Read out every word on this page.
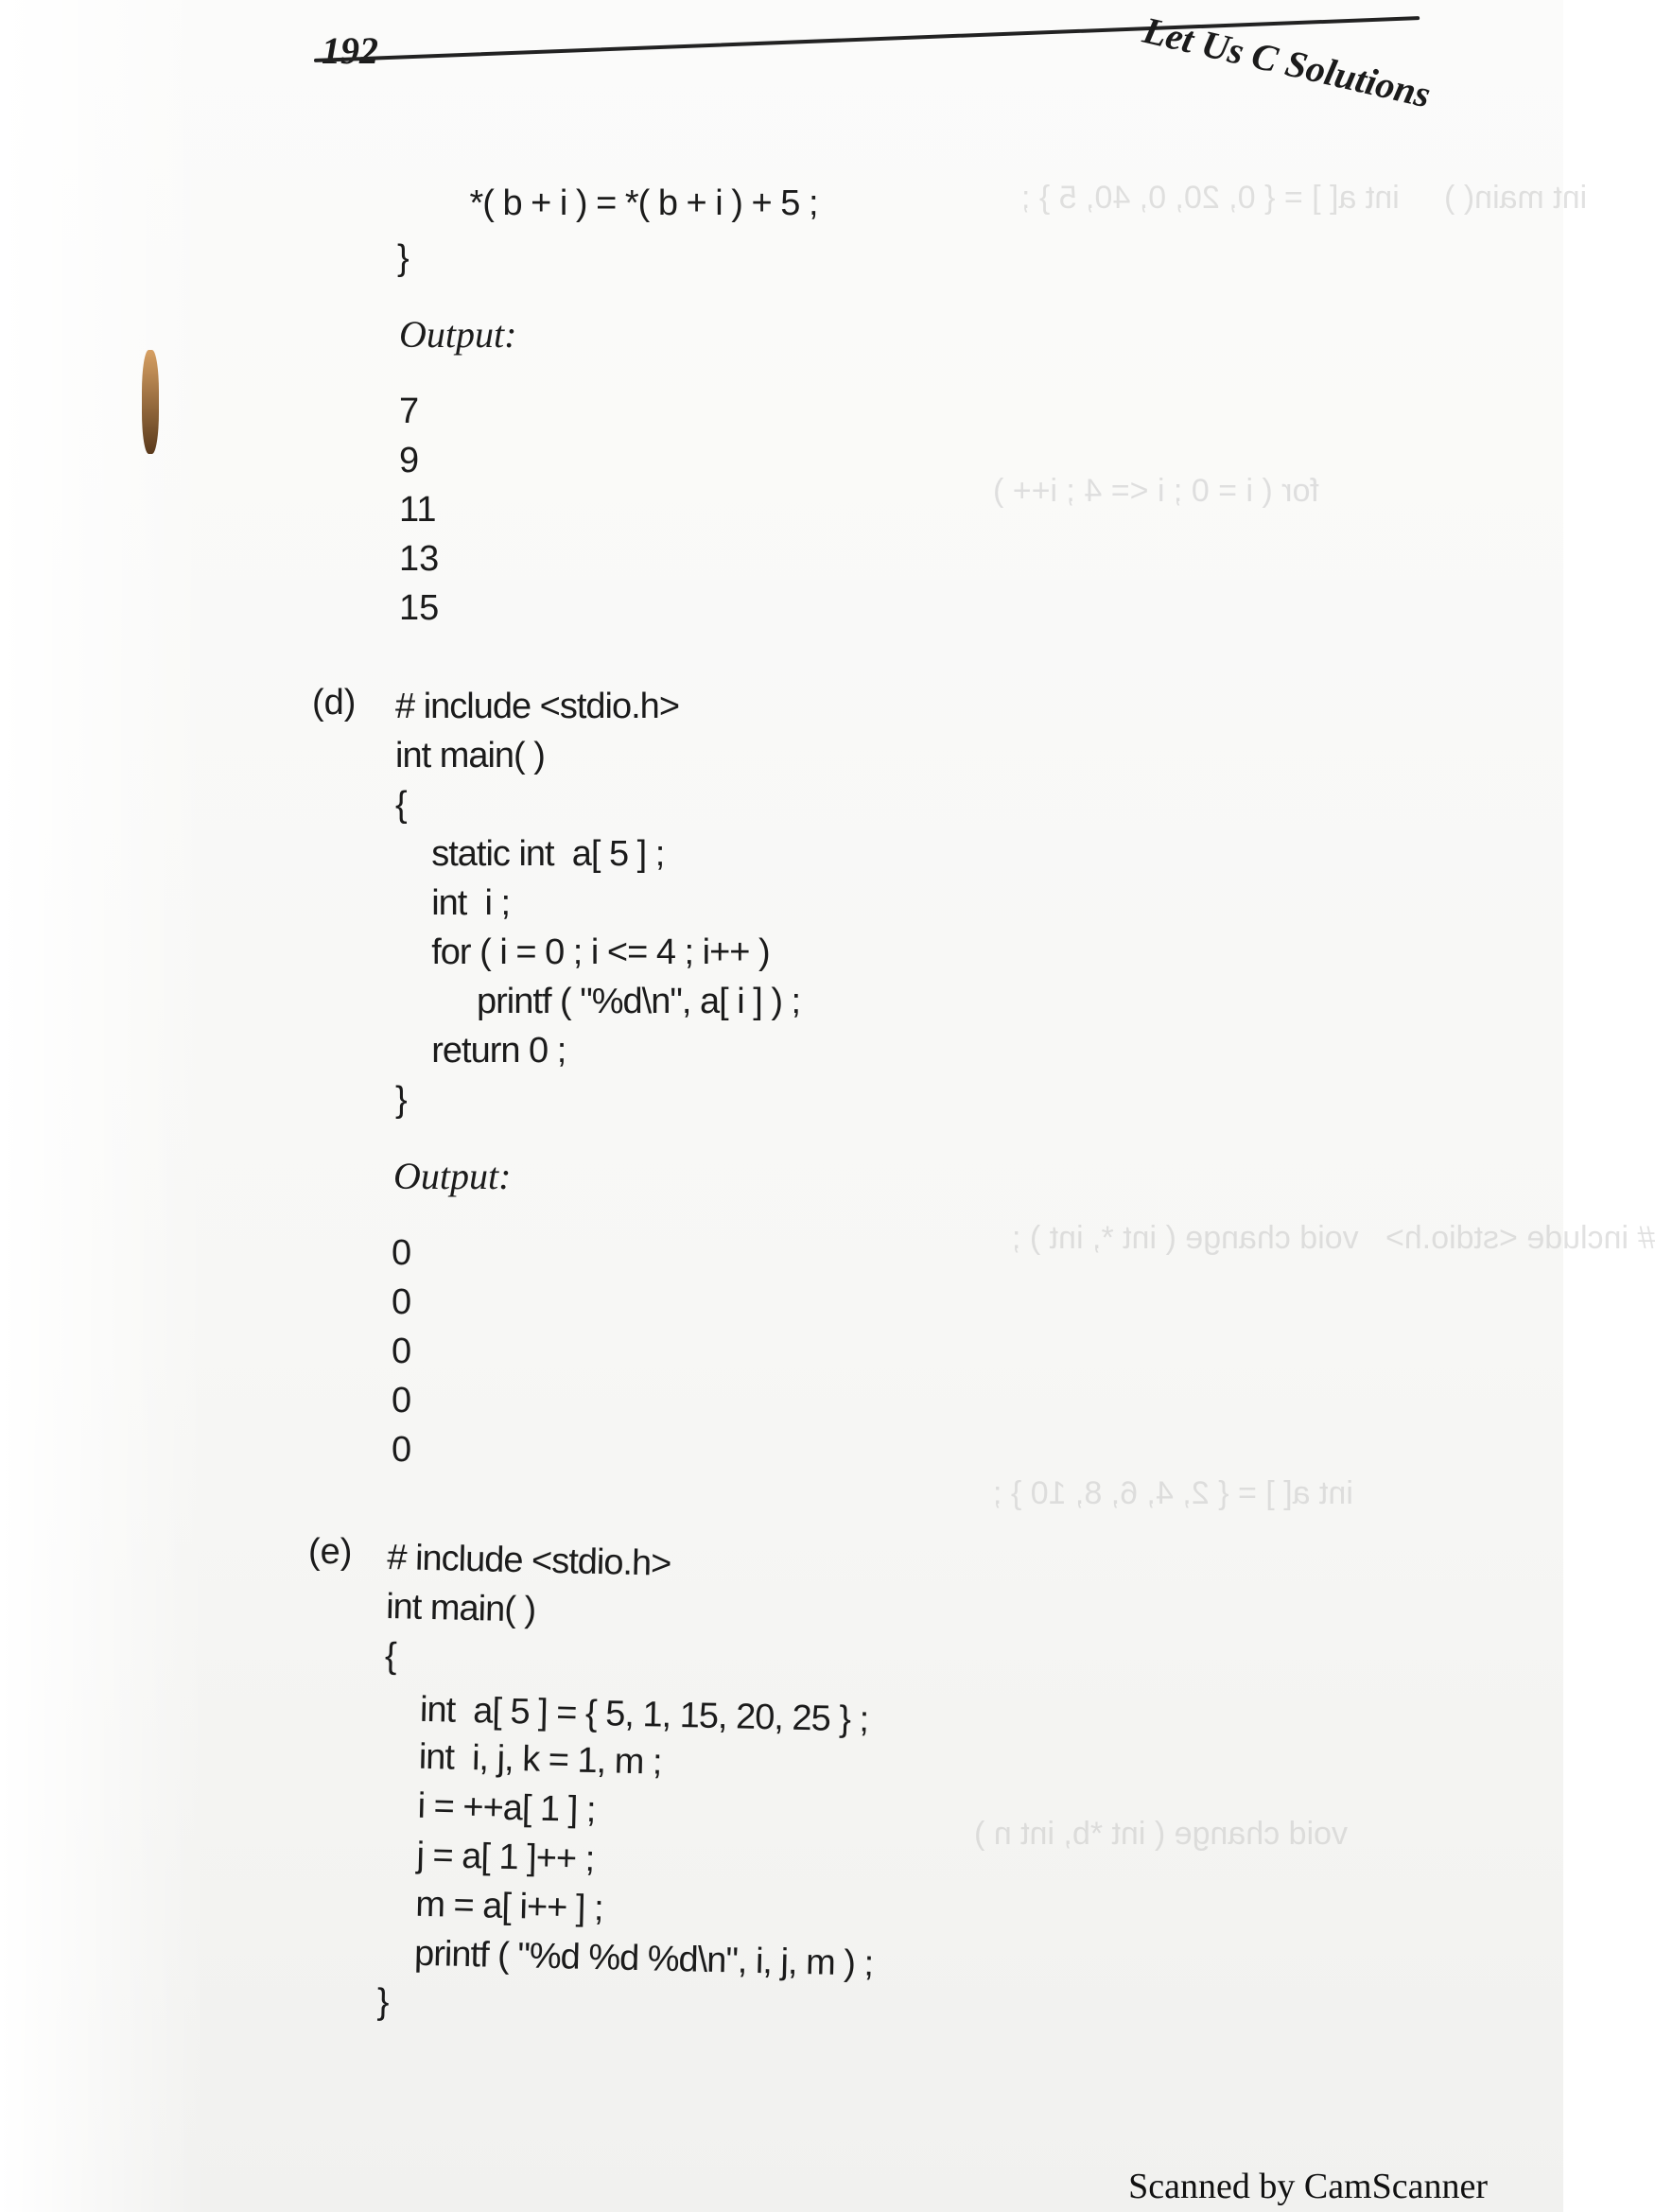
int main( )     int a[ ] = { 0, 20, 0, 40, 5 } ;
for ( i = 0 ; i <= 4 ; i++ )
# include <stdio.h>   void change ( int *, int ) ;
int a[ ] = { 2, 4, 6, 8, 10 } ;
void change ( int *b, int n )
192	Let Us C Solutions
*( b + i ) = *( b + i ) + 5 ;
}
Output:
7
9
11
13
15
(d) # include <stdio.h>
int main( )
{
static int  a[ 5 ] ;
int  i ;
for ( i = 0 ; i <= 4 ; i++ )
printf ( "%d\n", a[ i ] ) ;
return 0 ;
}
Output:
0
0
0
0
0
(e) # include <stdio.h>
int main( )
{
int  a[ 5 ] = { 5, 1, 15, 20, 25 } ;
int  i, j, k = 1, m ;
i = ++a[ 1 ] ;
j = a[ 1 ]++ ;
m = a[ i++ ] ;
printf ( "%d %d %d\n", i, j, m ) ;
}
Scanned by CamScanner
